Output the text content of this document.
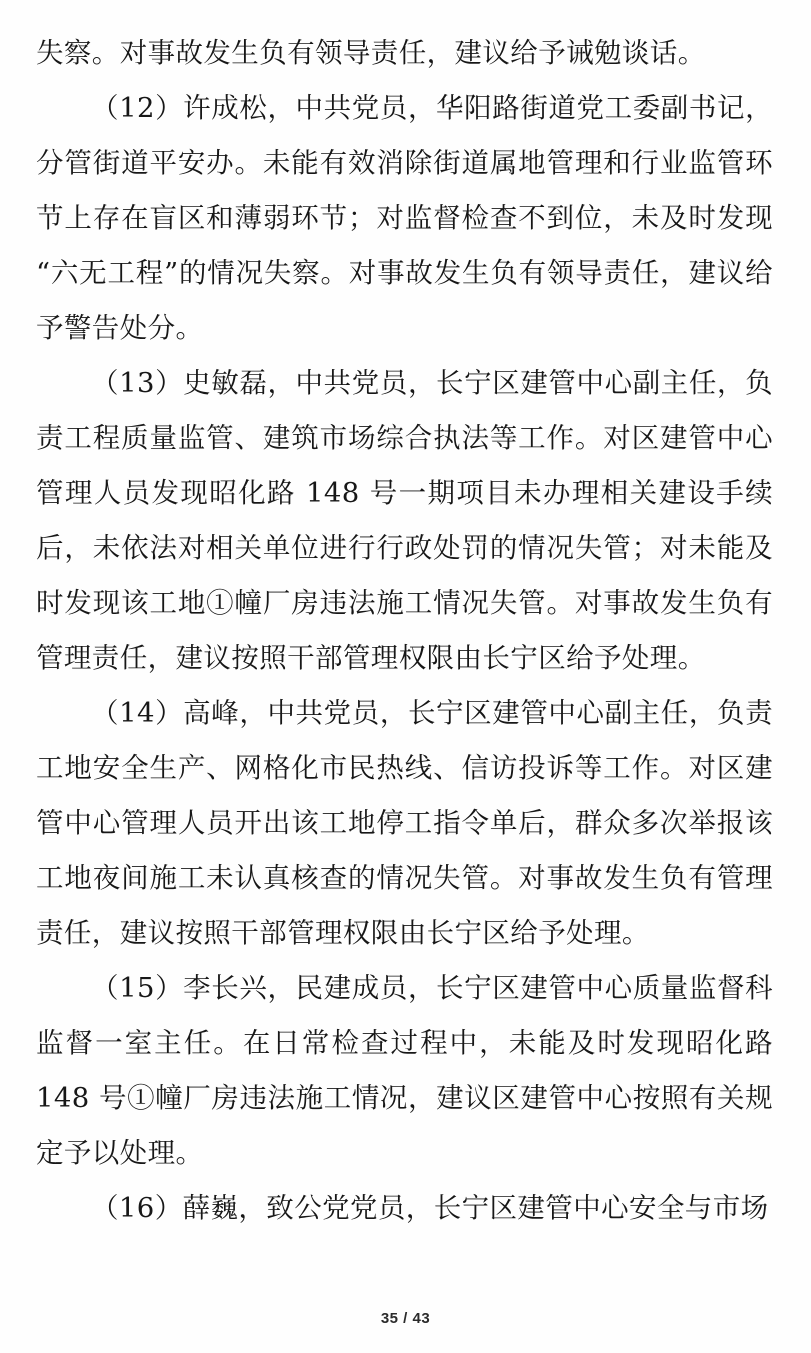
失察。对事故发生负有领导责任，建议给予诫勉谈话。

（12）许成松，中共党员，华阳路街道党工委副书记，分管街道平安办。未能有效消除街道属地管理和行业监管环节上存在盲区和薄弱环节；对监督检查不到位，未及时发现“六无工程”的情况失察。对事故发生负有领导责任，建议给予警告处分。

（13）史敏磊，中共党员，长宁区建管中心副主任，负责工程质量监管、建筑市场综合执法等工作。对区建管中心管理人员发现昭化路 148 号一期项目未办理相关建设手续后，未依法对相关单位进行行政处罚的情况失管；对未能及时发现该工地①幢厂房违法施工情况失管。对事故发生负有管理责任，建议按照干部管理权限由长宁区给予处理。

（14）高峰，中共党员，长宁区建管中心副主任，负责工地安全生产、网格化市民热线、信访投诉等工作。对区建管中心管理人员开出该工地停工指令单后，群众多次举报该工地夜间施工未认真核查的情况失管。对事故发生负有管理责任，建议按照干部管理权限由长宁区给予处理。

（15）李长兴，民建成员，长宁区建管中心质量监督科监督一室主任。在日常检查过程中，未能及时发现昭化路 148 号①幢厂房违法施工情况，建议区建管中心按照有关规定予以处理。

（16）薛巍，致公党党员，长宁区建管中心安全与市场

35 / 43
